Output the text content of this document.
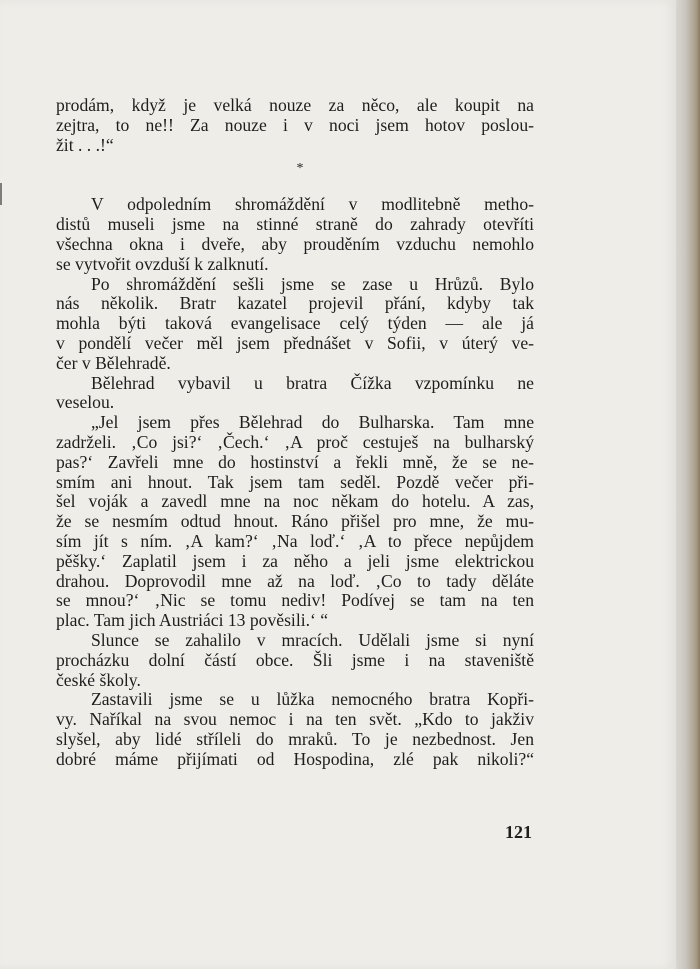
prodám, když je velká nouze za něco, ale koupit na
zejtra, to ne!! Za nouze i v noci jsem hotov poslou-
žit . . .!“

*

V odpoledním shromáždění v modlitebně metho-
distů museli jsme na stinné straně do zahrady otevříti
všechna okna i dveře, aby prouděním vzduchu nemohlo
se vytvořit ovzduší k zalknutí.

Po shromáždění sešli jsme se zase u Hrůzů. Bylo
nás několik. Bratr kazatel projevil přání, kdyby tak
mohla býti taková evangelisace celý týden — ale já
v pondělí večer měl jsem přednášet v Sofii, v úterý ve-
čer v Bělehradě.

Bělehrad vybavil u bratra Čížka vzpomínku ne
veselou.

„Jel jsem přes Bělehrad do Bulharska. Tam mne
zadrželi. ‚Co jsi?‘ ‚Čech.‘ ‚A proč cestuješ na bulharský
pas?‘ Zavřeli mne do hostinství a řekli mně, že se ne-
smím ani hnout. Tak jsem tam seděl. Pozdě večer při-
šel voják a zavedl mne na noc někam do hotelu. A zas,
že se nesmím odtud hnout. Ráno přišel pro mne, že mu-
sím jít s ním. ‚A kam?‘ ‚Na loď.‘ ‚A to přece nepůjdem
pěšky.‘ Zaplatil jsem i za něho a jeli jsme elektrickou
drahou. Doprovodil mne až na loď. ‚Co to tady děláte
se mnou?‘ ‚Nic se tomu nediv! Podívej se tam na ten
plac. Tam jich Austriáci 13 pověsili.‘ “

Slunce se zahalilo v mracích. Udělali jsme si nyní
procházku dolní částí obce. Šli jsme i na staveniště
české školy.

Zastavili jsme se u lůžka nemocného bratra Kopři-
vy. Naříkal na svou nemoc i na ten svět. „Kdo to jakživ
slyšel, aby lidé stříleli do mraků. To je nezbednost. Jen
dobré máme přijímati od Hospodina, zlé pak nikoli?“

121
